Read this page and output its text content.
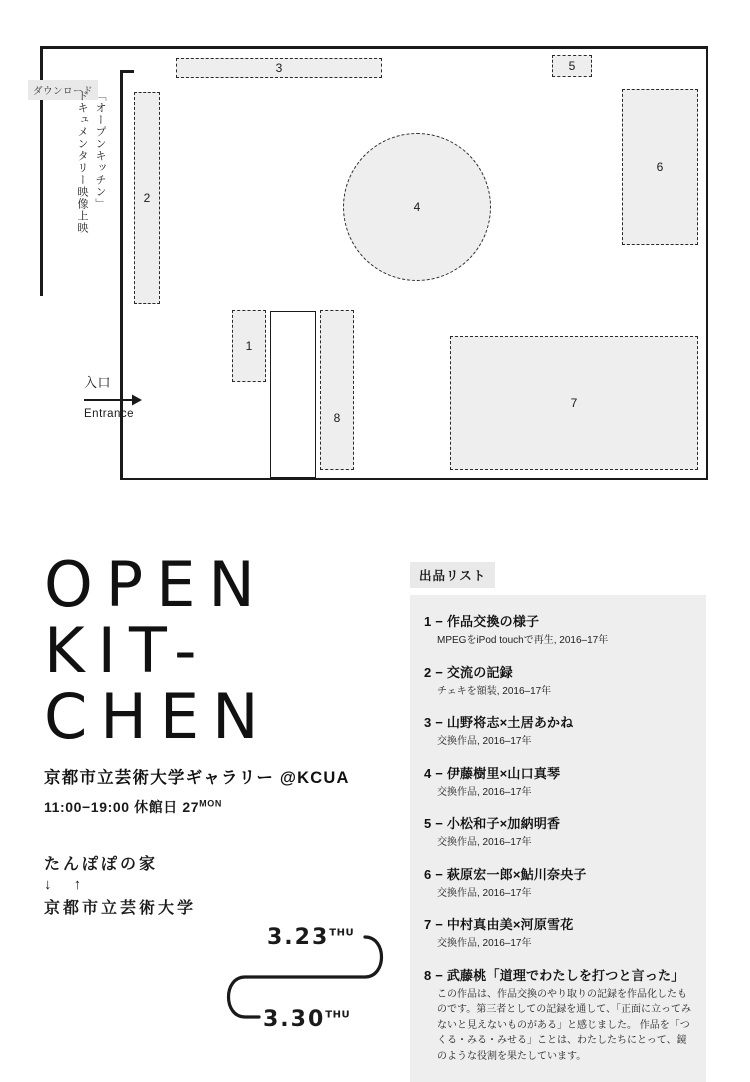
ダウンロード 「オープンキッチン」
ドキュメンタリー映像上映	2
3	5
6
4
1
8
7
入口
Entrance
OPEN
KIT-
CHEN
京都市立芸術大学ギャラリー @KCUA
11:00−19:00 休館日 $27^{MON}$
たんぽぽの家
↓ ↑
京都市立芸術大学
$3.23^{THU}$
$3.30^{THU}$
出品リスト
1 − 作品交換の様子
MPEGをiPod touchで再生, 2016–17年
2 − 交流の記録
チェキを額装, 2016–17年
3 − 山野将志×土居あかね
交換作品, 2016–17年
4 − 伊藤樹里×山口真琴
交換作品, 2016–17年
5 − 小松和子×加納明香
交換作品, 2016–17年
6 − 萩原宏一郎×鮎川奈央子
交換作品, 2016–17年
7 − 中村真由美×河原雪花
交換作品, 2016–17年
8 − 武藤桃「道理でわたしを打つと言った」
この作品は、作品交換のやり取りの記録を作品化したものです。第三者としての記録を通して、「正面に立ってみないと見えないものがある」と感じました。 作品を「つくる・みる・みせる」ことは、わたしたちにとって、鏡のような役割を果たしています。
